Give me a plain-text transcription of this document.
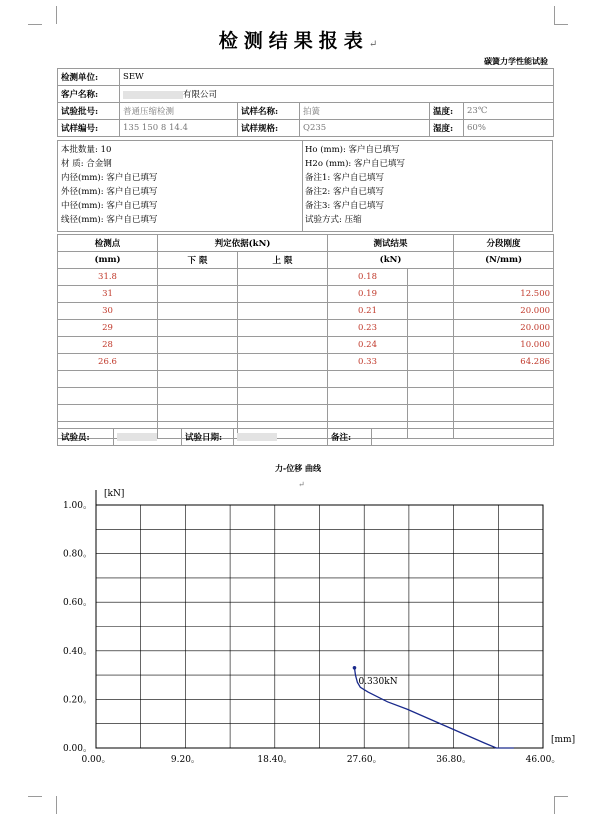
检测结果报表↵
碳簧力学性能试验
检测单位:	SEW				
客户名称:	有限公司				
试验批号:	普通压缩检测	试样名称:	拍簧	温度:	23℃
试样编号:	135 150 8 14.4	试样规格:	Q235	湿度:	60%
本批数量: 10
材 质: 合金钢
内径(mm): 客户自已填写
外径(mm): 客户自已填写
中径(mm): 客户自已填写
线径(mm): 客户自已填写
Ho (mm): 客户自已填写
H2o (mm): 客户自已填写
备注1: 客户自已填写
备注2: 客户自已填写
备注3: 客户自已填写
试验方式: 压缩
检测点	判定依据(kN)		测试结果		分段刚度
(mm)	下 限	上 限	(kN)		(N/mm)
31.8			0.18		
31			0.19		12.500
30			0.21		20.000
29			0.23		20.000
28			0.24		10.000
26.6			0.33		64.286

试验员:		试验日期:		备注:	
力-位移 曲线
↵
0.00。	9.20。	18.40。	27.60。	36.80。	46.00。
0.00。
0.20。
0.40。
0.60。
0.80。
1.00。
[kN]
[mm]
0.330kN
